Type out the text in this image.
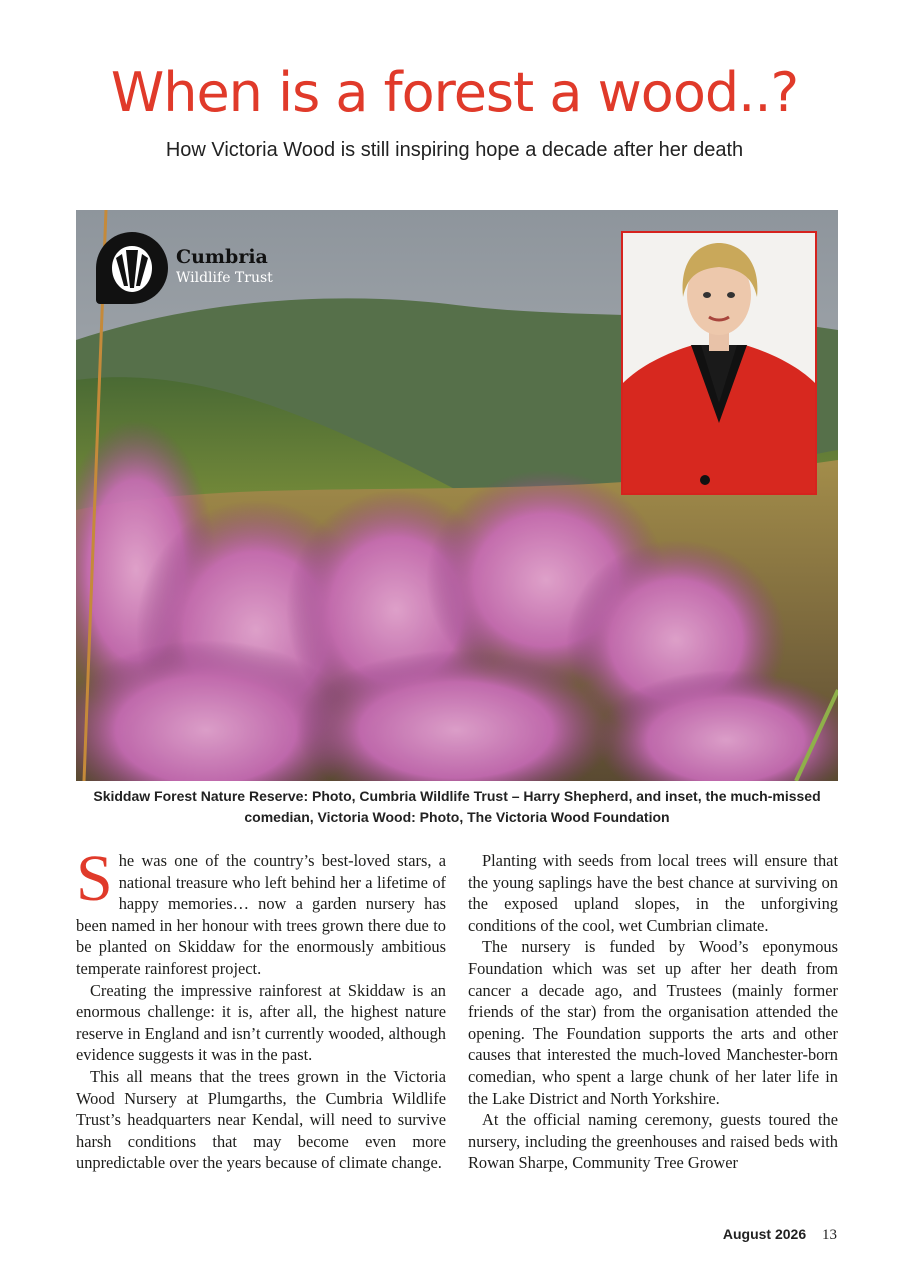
When is a forest a wood..?
How Victoria Wood is still inspiring hope a decade after her death
Cumbria
Wildlife Trust
Skiddaw Forest Nature Reserve: Photo, Cumbria Wildlife Trust – Harry Shepherd, and inset, the much-missed comedian, Victoria Wood: Photo, The Victoria Wood Foundation

She was one of the country’s best-loved stars, a national treasure who left behind her a lifetime of happy memories… now a garden nursery has been named in her honour with trees grown there due to be planted on Skiddaw for the enormously ambitious temperate rainforest project.

Creating the impressive rainforest at Skiddaw is an enormous challenge: it is, after all, the highest nature reserve in England and isn’t currently wooded, although evidence suggests it was in the past.

This all means that the trees grown in the Victoria Wood Nursery at Plumgarths, the Cumbria Wildlife Trust’s headquarters near Kendal, will need to survive harsh conditions that may become even more unpredictable over the years because of climate change.

Planting with seeds from local trees will ensure that the young saplings have the best chance at surviving on the exposed upland slopes, in the unforgiving conditions of the cool, wet Cumbrian climate.

The nursery is funded by Wood’s eponymous Foundation which was set up after her death from cancer a decade ago, and Trustees (mainly former friends of the star) from the organisation attended the opening. The Foundation supports the arts and other causes that interested the much-loved Manchester-born comedian, who spent a large chunk of her later life in the Lake District and North Yorkshire.

At the official naming ceremony, guests toured the nursery, including the greenhouses and raised beds with Rowan Sharpe, Community Tree Grower

August 2026 13
